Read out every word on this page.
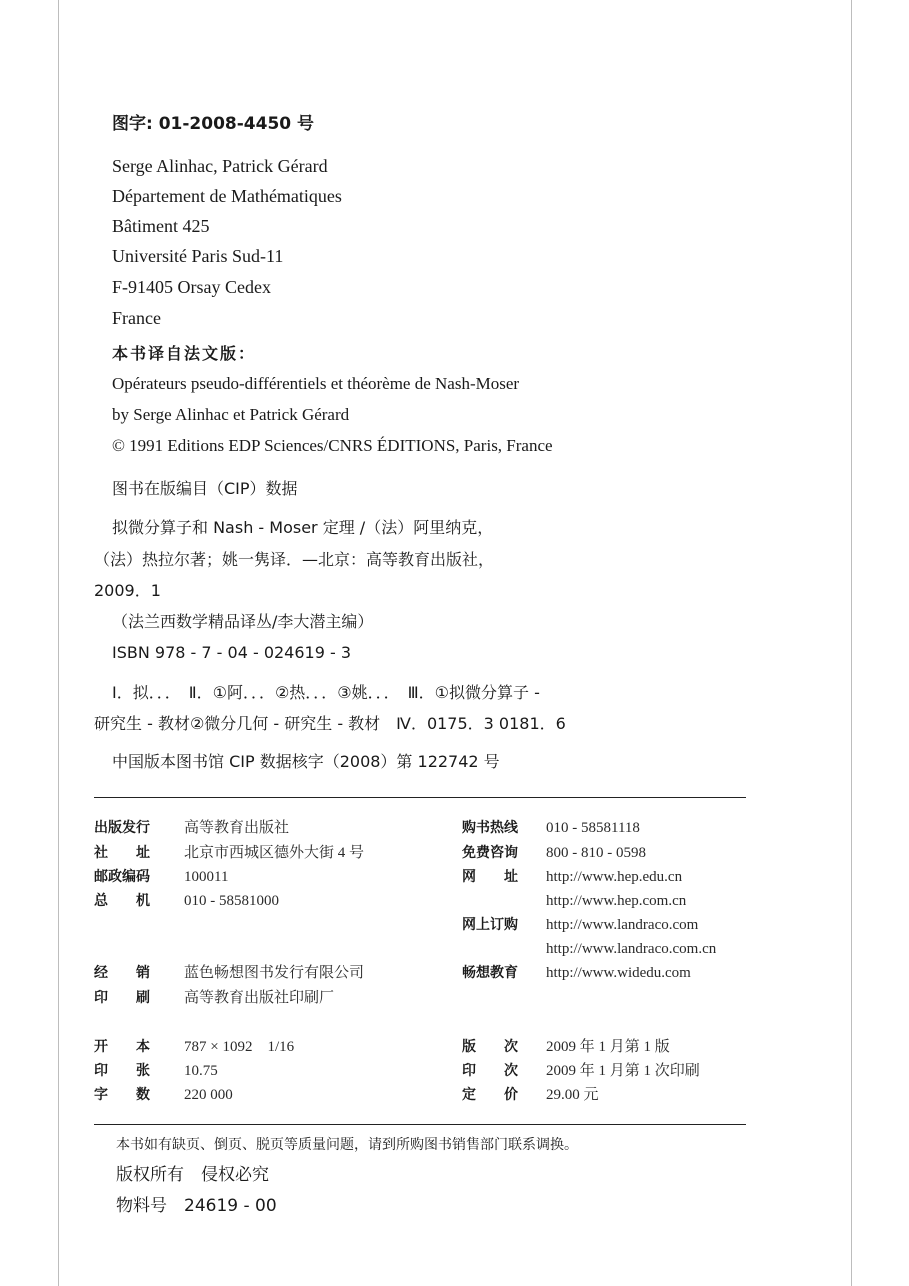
图字: 01-2008-4450 号
Serge Alinhac, Patrick Gérard
Département de Mathématiques
Bâtiment 425
Université Paris Sud-11
F-91405 Orsay Cedex
France
本书译自法文版：
Opérateurs pseudo-différentiels et théorème de Nash-Moser
by Serge Alinhac et Patrick Gérard
© 1991 Editions EDP Sciences/CNRS ÉDITIONS, Paris, France
图书在版编目（CIP）数据
拟微分算子和 Nash - Moser 定理 /（法）阿里纳克，
（法）热拉尔著；姚一隽译．—北京：高等教育出版社，
2009．1
（法兰西数学精品译丛/李大潜主编）
ISBN 978 - 7 - 04 - 024619 - 3
Ⅰ．拟．．．　Ⅱ．①阿．．．②热．．．③姚．．．　Ⅲ．①拟微分算子 -
研究生 - 教材②微分几何 - 研究生 - 教材　Ⅳ．0175．3 0181．6
中国版本图书馆 CIP 数据核字（2008）第 122742 号
出版发行 高等教育出版社
社　　址 北京市西城区德外大街 4 号
邮政编码 100011
总　　机 010 - 58581000
购书热线 010 - 58581118
免费咨询 800 - 810 - 0598
网　　址 http://www.hep.edu.cn
http://www.hep.com.cn
网上订购 http://www.landraco.com
http://www.landraco.com.cn
畅想教育 http://www.widedu.com
经　　销 蓝色畅想图书发行有限公司
印　　刷 高等教育出版社印刷厂
开　　本 787 × 1092　1/16
印　　张 10.75
字　　数 220 000
版　　次 2009 年 1 月第 1 版
印　　次 2009 年 1 月第 1 次印刷
定　　价 29.00 元
本书如有缺页、倒页、脱页等质量问题，请到所购图书销售部门联系调换。
版权所有　侵权必究
物料号　24619 - 00
